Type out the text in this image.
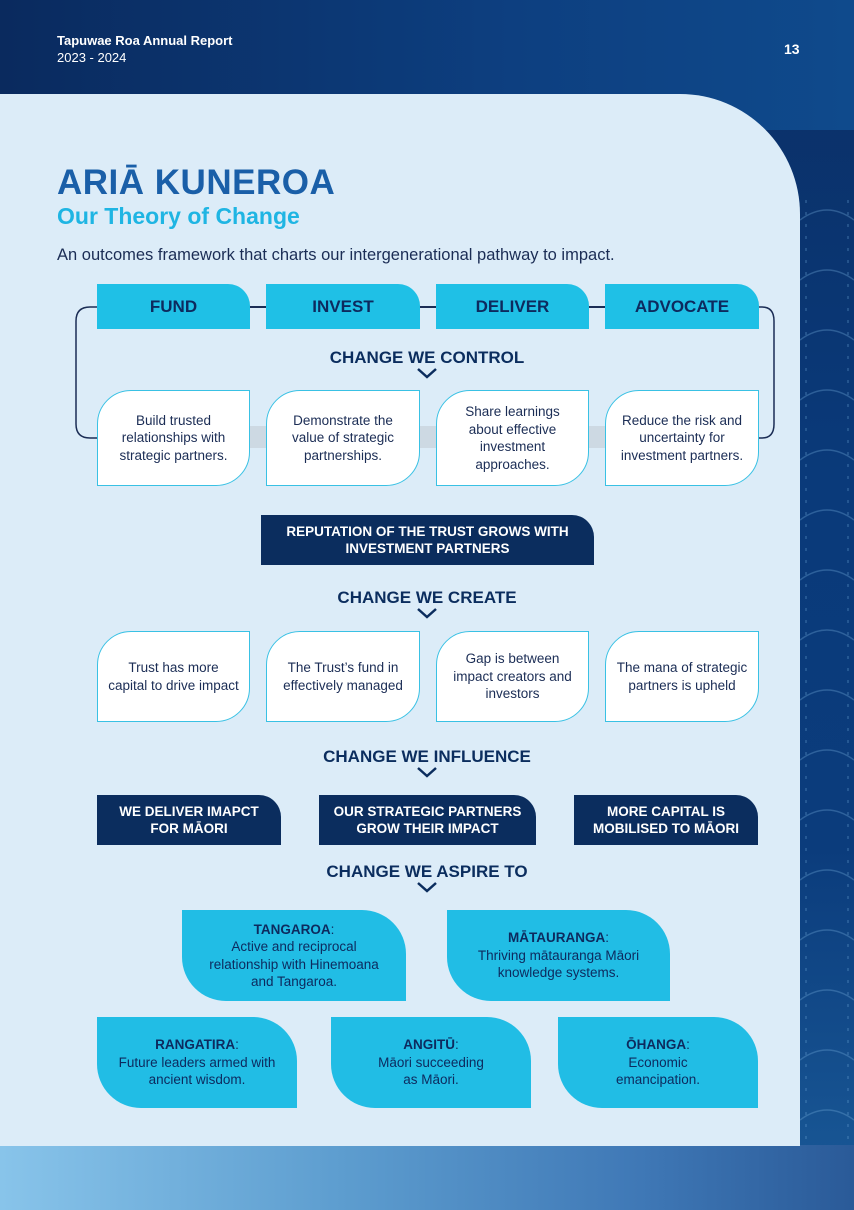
Tapuwae Roa Annual Report
2023 - 2024
13
ARIĀ KUNEROA
Our Theory of Change
An outcomes framework that charts our intergenerational pathway to impact.
FUND	INVEST	DELIVER	ADVOCATE
CHANGE WE CONTROL
Build trusted relationships with strategic partners.
Demonstrate the value of strategic partnerships.
Share learnings about effective investment approaches.
Reduce the risk and uncertainty for investment partners.
REPUTATION OF THE TRUST GROWS WITH INVESTMENT PARTNERS
CHANGE WE CREATE
Trust has more capital to drive impact
The Trust’s fund in effectively managed
Gap is between impact creators and investors
The mana of strategic partners is upheld
CHANGE WE INFLUENCE
WE DELIVER IMAPCT FOR MĀORI
OUR STRATEGIC PARTNERS GROW THEIR IMPACT
MORE CAPITAL IS MOBILISED TO MĀORI
CHANGE WE ASPIRE TO
TANGAROA:
Active and reciprocal relationship with Hinemoana and Tangaroa.
MĀTAURANGA:
Thriving mātauranga Māori knowledge systems.
RANGATIRA:
Future leaders armed with ancient wisdom.
ANGITŪ:
Māori succeeding as Māori.
ŌHANGA:
Economic emancipation.
